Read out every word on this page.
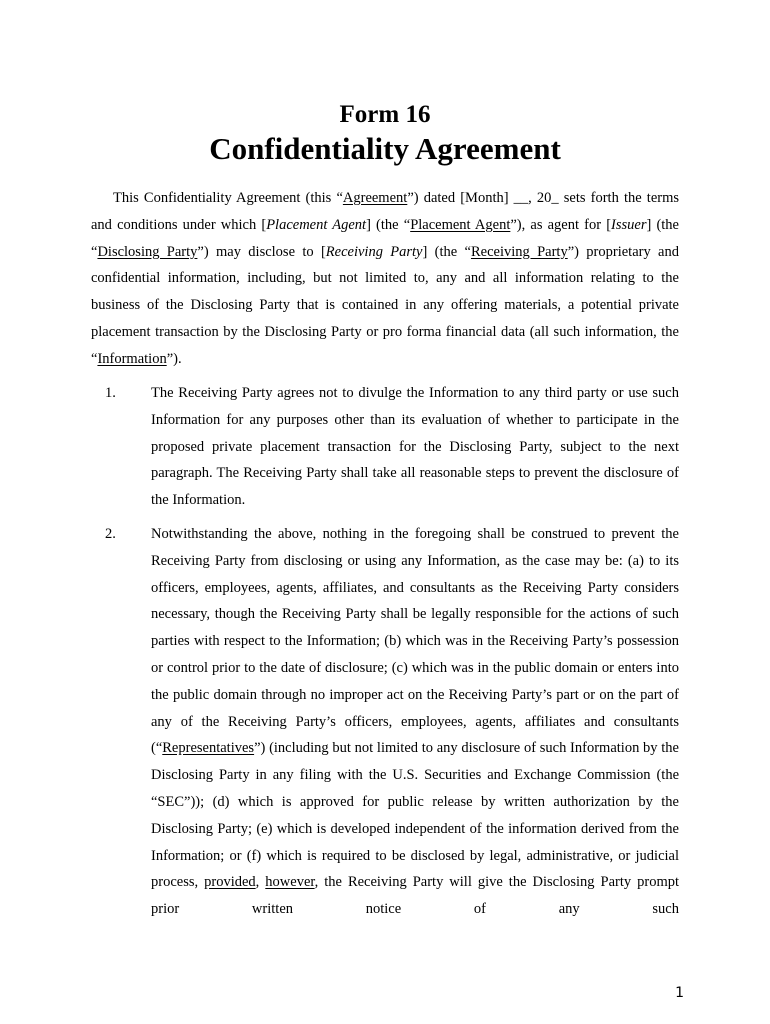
Form 16
Confidentiality Agreement

This Confidentiality Agreement (this “Agreement”) dated [Month] __, 20_ sets forth the terms and conditions under which [Placement Agent] (the “Placement Agent”), as agent for [Issuer] (the “Disclosing Party”) may disclose to [Receiving Party] (the “Receiving Party”) proprietary and confidential information, including, but not limited to, any and all information relating to the business of the Disclosing Party that is contained in any offering materials, a potential private placement transaction by the Disclosing Party or pro forma financial data (all such information, the “Information”).

1.	The Receiving Party agrees not to divulge the Information to any third party or use such Information for any purposes other than its evaluation of whether to participate in the proposed private placement transaction for the Disclosing Party, subject to the next paragraph. The Receiving Party shall take all reasonable steps to prevent the disclosure of the Information.
2.	Notwithstanding the above, nothing in the foregoing shall be construed to prevent the Receiving Party from disclosing or using any Information, as the case may be: (a) to its officers, employees, agents, affiliates, and consultants as the Receiving Party considers necessary, though the Receiving Party shall be legally responsible for the actions of such parties with respect to the Information; (b) which was in the Receiving Party’s possession or control prior to the date of disclosure; (c) which was in the public domain or enters into the public domain through no improper act on the Receiving Party’s part or on the part of any of the Receiving Party’s officers, employees, agents, affiliates and consultants (“Representatives”) (including but not limited to any disclosure of such Information by the Disclosing Party in any filing with the U.S. Securities and Exchange Commission (the “SEC”)); (d) which is approved for public release by written authorization by the Disclosing Party; (e) which is developed independent of the information derived from the Information; or (f) which is required to be disclosed by legal, administrative, or judicial process, provided, however, the Receiving Party will give the Disclosing Party prompt prior written notice of any such
1
